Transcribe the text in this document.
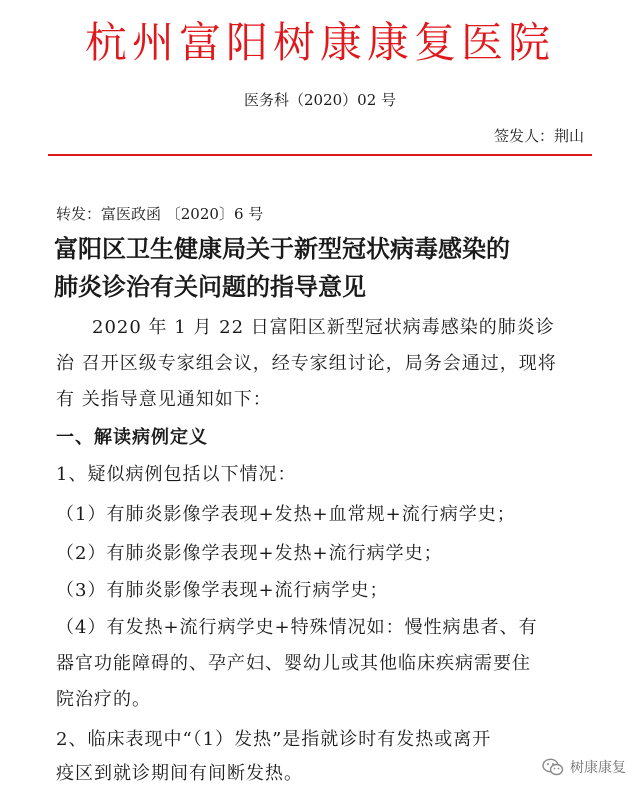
杭州富阳树康康复医院
医务科（2020）02 号
签发人：荆山
转发：富医政函 〔2020〕6 号
富阳区卫生健康局关于新型冠状病毒感染的
肺炎诊治有关问题的指导意见
2020 年 1 月 22 日富阳区新型冠状病毒感染的肺炎诊
治 召开区级专家组会议，经专家组讨论，局务会通过，现将
有 关指导意见通知如下：
一、解读病例定义
1、疑似病例包括以下情况：
（1）有肺炎影像学表现+发热+血常规+流行病学史；
（2）有肺炎影像学表现+发热+流行病学史；
（3）有肺炎影像学表现+流行病学史；
（4）有发热+流行病学史+特殊情况如：慢性病患者、有
器官功能障碍的、孕产妇、婴幼儿或其他临床疾病需要住
院治疗的。
2、临床表现中“（1）发热”是指就诊时有发热或离开
疫区到就诊期间有间断发热。	树康康复
